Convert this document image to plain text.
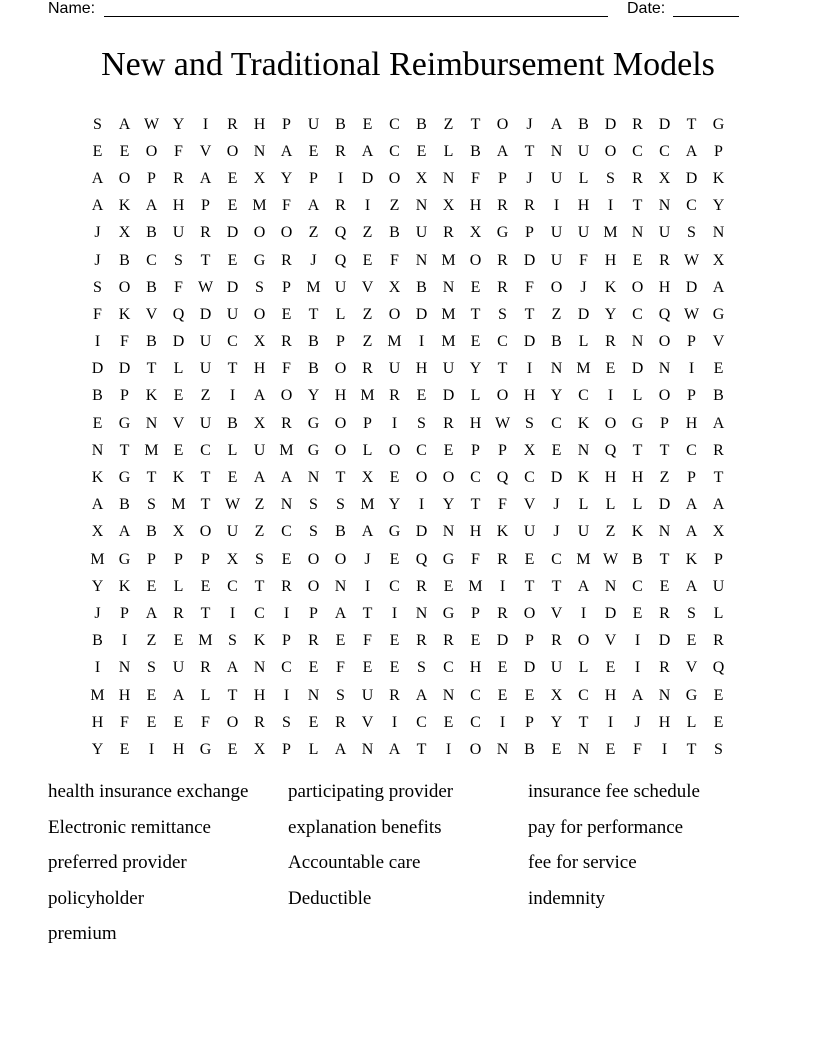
Name:	Date:
New and Traditional Reimbursement Models
S	A W Y	I	R H	P	U B	E	C	B	Z	T	O	J	A B D R D	T	G
E	E	O	F	V O N A	E	R A C	E	L	B A	T	N U O C	C A	P
A O	P	R A	E	X Y	P	I	D O X N	F	P	J	U	L	S	R X D K
A K A H	P	E M F	A R	I	Z	N X H R	R	I	H	I	T	N C Y
J	X B U R D O O	Z	Q	Z	B U R X G	P	U U M N U	S	N
J	B	C	S	T	E	G R	J	Q	E	F	N M O R D U	F	H	E	R W X
S	O B	F W D	S	P M U V X B N	E	R	F	O	J	K O H D A
F	K V Q D U O	E	T	L	Z	O D M T	S	T	Z	D Y C Q W G
I	F	B D U C X R	B	P	Z M	I	M E	C D B	L	R N O	P	V
D D	T	L	U	T	H	F	B O R U H U Y	T	I	N M E	D N	I	E
B	P	K	E	Z	I	A O Y H M R	E	D	L	O H Y C	I	L	O	P	B
E	G N V U B X R G O	P	I	S	R H W S	C K O G	P	H A
N	T M E	C	L	U M G O	L	O C	E	P	P	X	E	N Q	T	T	C	R
K G	T	K	T	E	A A N	T	X	E	O O C Q C D K H H	Z	P	T
A B	S M T W Z	N	S	S M Y	I	Y	T	F	V	J	L	L	L	D A A
X A B X O U	Z	C	S	B A G D N H K U	J	U	Z	K N A X
M G	P	P	P	X	S	E	O O	J	E	Q G	F	R	E	C M W B	T	K	P
Y K	E	L	E	C	T	R O N	I	C	R	E M	I	T	T	A N C	E	A U
J	P	A R	T	I	C	I	P	A	T	I	N G	P	R O V	I	D	E	R	S	L
B	I	Z	E M S	K	P	R	E	F	E	R	R	E	D	P	R O V	I	D	E	R
I	N	S	U R A N C	E	F	E	E	S	C H	E	D U	L	E	I	R V Q
M H	E	A	L	T	H	I	N	S	U R A N C	E	E	X C H A N G	E
H	F	E	E	F	O R	S	E	R V	I	C	E	C	I	P	Y	T	I	J	H	L	E
Y	E	I	H G	E	X	P	L	A N A	T	I	O N B	E	N	E	F	I	T	S
health insurance exchange	participating provider	insurance fee schedule
Electronic remittance	explanation benefits	pay for performance
preferred provider	Accountable care	fee for service
policyholder	Deductible	indemnity
premium
